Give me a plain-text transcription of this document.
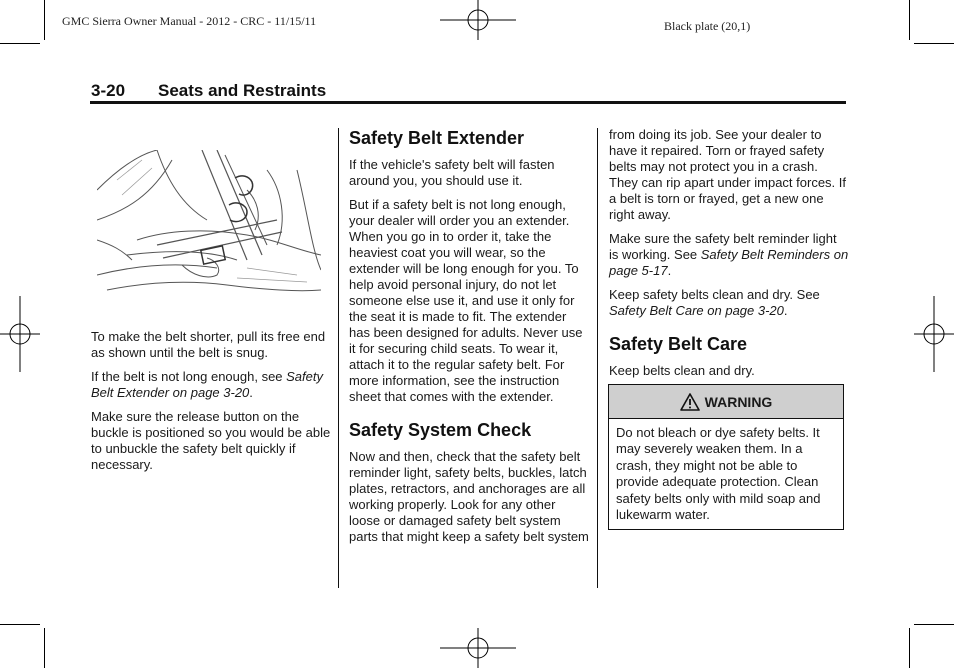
GMC Sierra Owner Manual - 2012 - CRC - 11/15/11	Black plate (20,1)
3-20 Seats and Restraints

To make the belt shorter, pull its free end as shown until the belt is snug.

If the belt is not long enough, see Safety Belt Extender on page 3-20.

Make sure the release button on the buckle is positioned so you would be able to unbuckle the safety belt quickly if necessary.

Safety Belt Extender

If the vehicle's safety belt will fasten around you, you should use it.

But if a safety belt is not long enough, your dealer will order you an extender. When you go in to order it, take the heaviest coat you will wear, so the extender will be long enough for you. To help avoid personal injury, do not let someone else use it, and use it only for the seat it is made to fit. The extender has been designed for adults. Never use it for securing child seats. To wear it, attach it to the regular safety belt. For more information, see the instruction sheet that comes with the extender.

Safety System Check

Now and then, check that the safety belt reminder light, safety belts, buckles, latch plates, retractors, and anchorages are all working properly. Look for any other loose or damaged safety belt system parts that might keep a safety belt system

from doing its job. See your dealer to have it repaired. Torn or frayed safety belts may not protect you in a crash. They can rip apart under impact forces. If a belt is torn or frayed, get a new one right away.

Make sure the safety belt reminder light is working. See Safety Belt Reminders on page 5-17.

Keep safety belts clean and dry. See Safety Belt Care on page 3-20.

Safety Belt Care

Keep belts clean and dry.

WARNING
Do not bleach or dye safety belts. It may severely weaken them. In a crash, they might not be able to provide adequate protection. Clean safety belts only with mild soap and lukewarm water.
